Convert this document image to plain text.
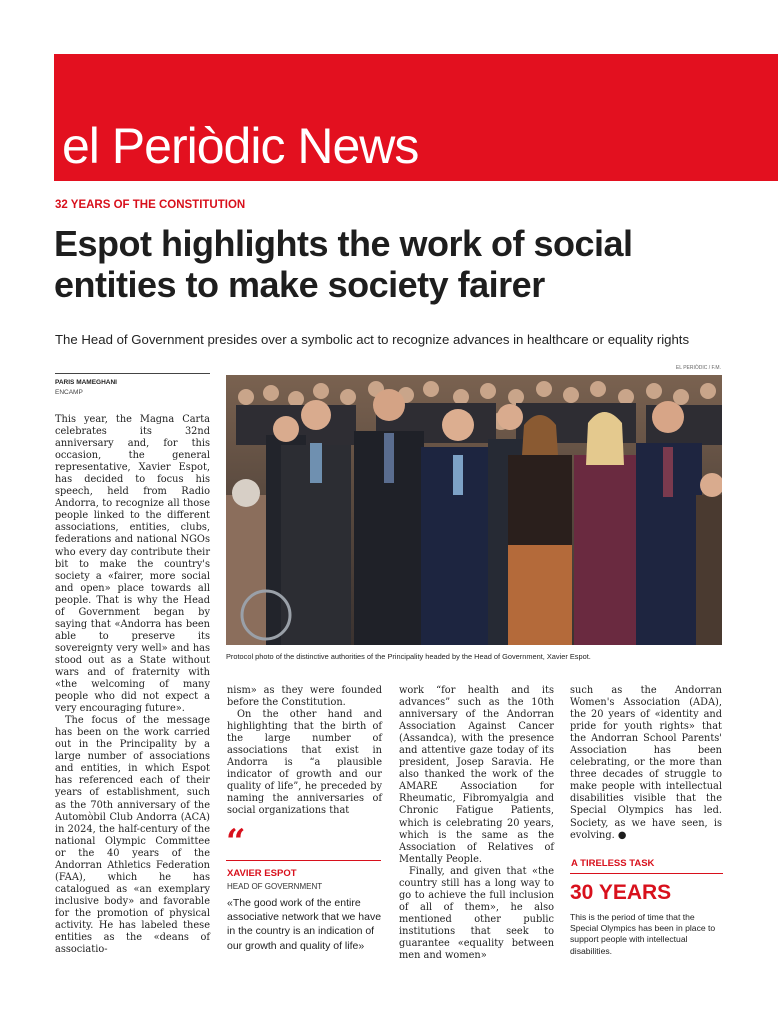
el Periòdic News
32 YEARS OF THE CONSTITUTION
Espot highlights the work of social entities to make society fairer
The Head of Government presides over a symbolic act to recognize advances in healthcare or equality rights
PARIS MAMEGHANI
ENCAMP
EL PERIÒDIC / F.M.
Protocol photo of the distinctive authorities of the Principality headed by the Head of Government, Xavier Espot.

This year, the Magna Carta celebrates its 32nd anniversary and, for this occasion, the general representative, Xavier Espot, has decided to focus his speech, held from Radio Andorra, to recognize all those people linked to the different associations, entities, clubs, federations and national NGOs who every day contribute their bit to make the country's society a «fairer, more social and open» place towards all people. That is why the Head of Government began by saying that «Andorra has been able to preserve its sovereignty very well» and has stood out as a State without wars and of fraternity with «the welcoming of many people who did not expect a very encouraging future».

The focus of the message has been on the work carried out in the Principality by a large number of associations and entities, in which Espot has referenced each of their years of establishment, such as the 70th anniversary of the Automòbil Club Andorra (ACA) in 2024, the half-century of the national Olympic Committee or the 40 years of the Andorran Athletics Federation (FAA), which he has catalogued as «an exemplary inclusive body» and favorable for the promotion of physical activity. He has labeled these entities as the «deans of associatio-

nism» as they were founded before the Constitution.

On the other hand and highlighting that the birth of the large number of associations that exist in Andorra is “a plausible indicator of growth and our quality of life”, he preceded by naming the anniversaries of social organizations that

work “for health and its advances” such as the 10th anniversary of the Andorran Association Against Cancer (Assandca), with the presence and attentive gaze today of its president, Josep Saravia. He also thanked the work of the AMARE Association for Rheumatic, Fibromyalgia and Chronic Fatigue Patients, which is celebrating 20 years, which is the same as the Association of Relatives of Mentally People.

Finally, and given that «the country still has a long way to go to achieve the full inclusion of all of them», he also mentioned other public institutions that seek to guarantee «equality between men and women»

such as the Andorran Women's Association (ADA), the 20 years of «identity and pride for youth rights» that the Andorran School Parents' Association has been celebrating, or the more than three decades of struggle to make people with intellectual disabilities visible that the Special Olympics has led. Society, as we have seen, is evolving. ●

“
XAVIER ESPOT
HEAD OF GOVERNMENT
«The good work of the entire associative network that we have in the country is an indication of our growth and quality of life»
A TIRELESS TASK
30 YEARS
This is the period of time that the Special Olympics has been in place to support people with intellectual disabilities.
